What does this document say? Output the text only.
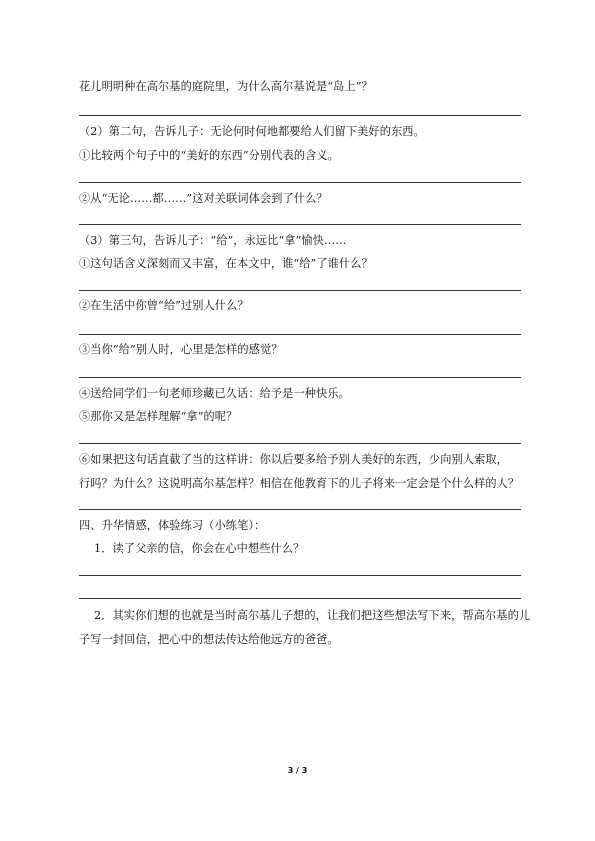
花儿明明种在高尔基的庭院里，为什么高尔基说是“岛上”？
（2）第二句，告诉儿子：无论何时何地都要给人们留下美好的东西。
①比较两个句子中的“美好的东西”分别代表的含义。
②从“无论……都……”这对关联词体会到了什么？
（3）第三句，告诉儿子：“给”，永远比“拿”愉快……
①这句话含义深刻而又丰富，在本文中，谁“给”了谁什么？
②在生活中你曾“给”过别人什么？
③当你“给”别人时，心里是怎样的感觉？
④送给同学们一句老师珍藏已久话：给予是一种快乐。
⑤那你又是怎样理解“拿”的呢？
⑥如果把这句话直截了当的这样讲：你以后要多给予别人美好的东西，少向别人索取，
行吗？为什么？这说明高尔基怎样？相信在他教育下的儿子将来一定会是个什么样的人？
四、升华情感，体验练习（小练笔）：
1．读了父亲的信，你会在心中想些什么？
2．其实你们想的也就是当时高尔基儿子想的，让我们把这些想法写下来，帮高尔基的儿
子写一封回信，把心中的想法传达给他远方的爸爸。
3 / 3
